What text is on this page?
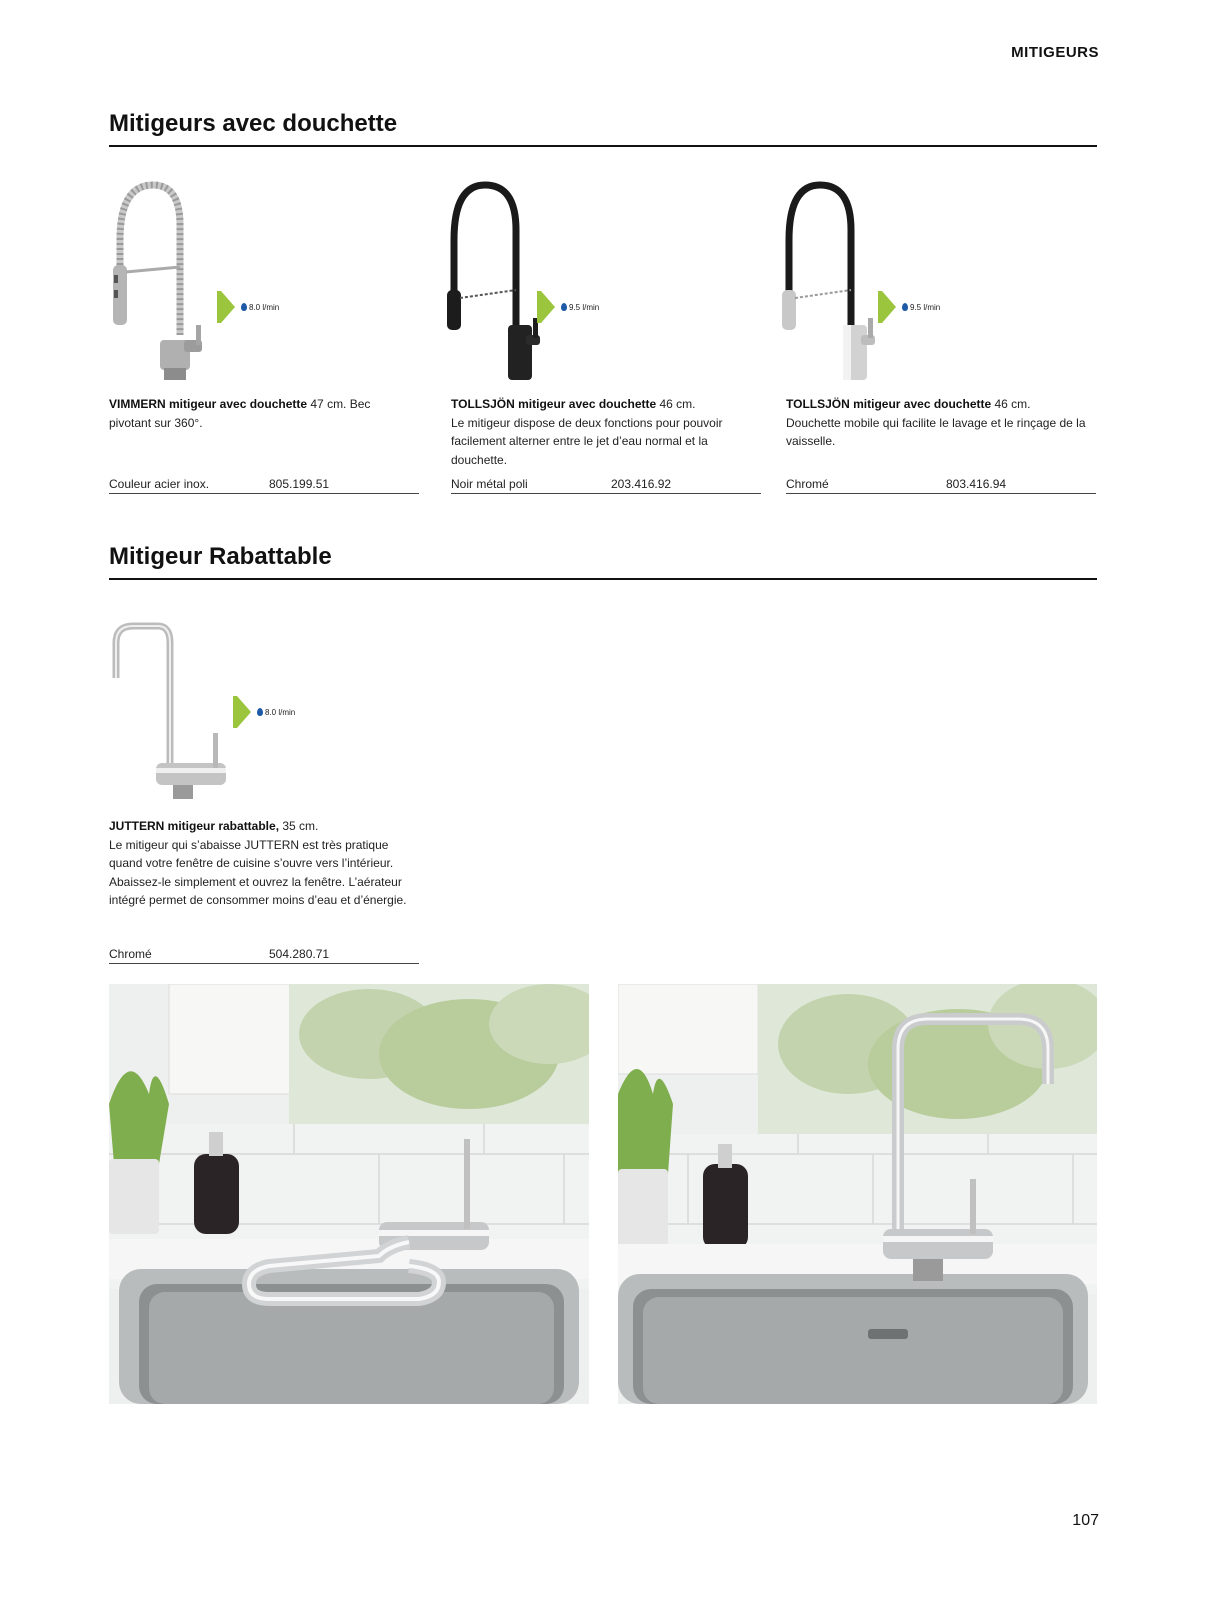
MITIGEURS
Mitigeurs avec douchette
8.0 l/min
VIMMERN mitigeur avec douchette 47 cm. Bec pivotant sur 360°.
Couleur acier inox.	805.199.51
9.5 l/min
TOLLSJÖN mitigeur avec douchette 46 cm.
Le mitigeur dispose de deux fonctions pour pouvoir facilement alterner entre le jet d’eau normal et la douchette.
Noir métal poli	203.416.92
9.5 l/min
TOLLSJÖN mitigeur avec douchette 46 cm.
Douchette mobile qui facilite le lavage et le rinçage de la vaisselle.
Chromé	803.416.94
Mitigeur Rabattable
8.0 l/min
JUTTERN mitigeur rabattable, 35 cm.
Le mitigeur qui s’abaisse JUTTERN est très pratique quand votre fenêtre de cuisine s’ouvre vers l’intérieur. Abaissez-le simplement et ouvrez la fenêtre. L’aérateur intégré permet de consommer moins d’eau et d’énergie.
Chromé	504.280.71
107
